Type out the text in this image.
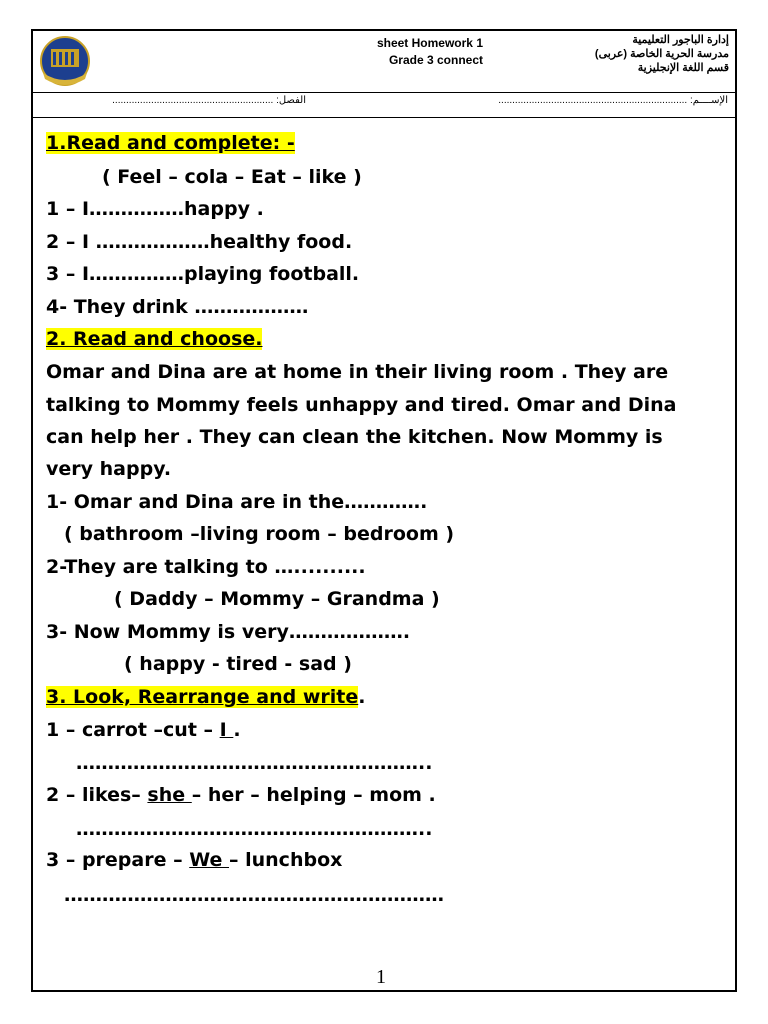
sheet Homework 1
Grade 3 connect
إدارة الباجور التعليمية
مدرسة الحرية الخاصة (عربى)
قسم اللغة الإنجليزية
الإســــم: ....................................................................
الفصل: ..........................................................
1.Read and complete: -
( Feel – cola – Eat – like )
1 – I……………happy .
2 – I ………………healthy food.
3 – I……………playing football.
4- They drink ………………
2. Read and choose.
Omar and Dina are at home in their living room . They are
talking to Mommy feels unhappy and tired. Omar and Dina
can help her . They can clean the kitchen. Now Mommy is
very happy.
1- Omar and Dina are in the………….
( bathroom –living room – bedroom )
2-They are talking to …..........
( Daddy – Mommy – Grandma )
3- Now Mommy is very……………….
( happy - tired - sad )
3. Look, Rearrange and write.
1 – carrot –cut – I .
………………………………………………..
2 – likes– she – her – helping – mom .
………………………………………………..
3 – prepare – We – lunchbox
……………………………………………………
1
